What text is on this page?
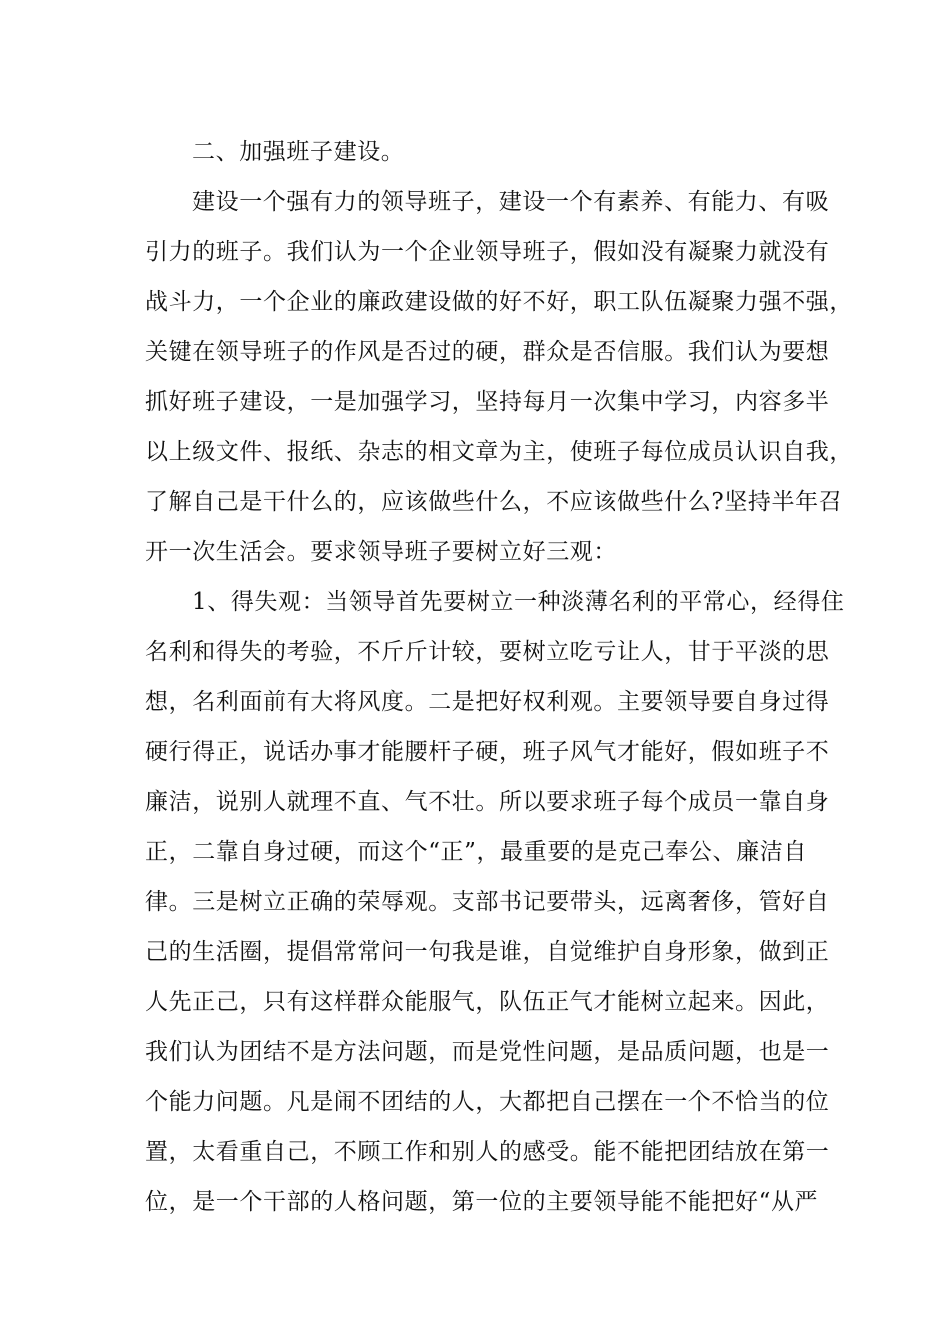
二、加强班子建设。
建设一个强有力的领导班子，建设一个有素养、有能力、有吸
引力的班子。我们认为一个企业领导班子，假如没有凝聚力就没有
战斗力，一个企业的廉政建设做的好不好，职工队伍凝聚力强不强，
关键在领导班子的作风是否过的硬，群众是否信服。我们认为要想
抓好班子建设，一是加强学习，坚持每月一次集中学习，内容多半
以上级文件、报纸、杂志的相文章为主，使班子每位成员认识自我，
了解自己是干什么的，应该做些什么，不应该做些什么?坚持半年召
开一次生活会。要求领导班子要树立好三观：
1、得失观：当领导首先要树立一种淡薄名利的平常心，经得住
名利和得失的考验，不斤斤计较，要树立吃亏让人，甘于平淡的思
想，名利面前有大将风度。二是把好权利观。主要领导要自身过得
硬行得正，说话办事才能腰杆子硬，班子风气才能好，假如班子不
廉洁，说别人就理不直、气不壮。所以要求班子每个成员一靠自身
正，二靠自身过硬，而这个“正”，最重要的是克己奉公、廉洁自
律。三是树立正确的荣辱观。支部书记要带头，远离奢侈，管好自
己的生活圈，提倡常常问一句我是谁，自觉维护自身形象，做到正
人先正己，只有这样群众能服气，队伍正气才能树立起来。因此，
我们认为团结不是方法问题，而是党性问题，是品质问题，也是一
个能力问题。凡是闹不团结的人，大都把自己摆在一个不恰当的位
置，太看重自己，不顾工作和别人的感受。能不能把团结放在第一
位，是一个干部的人格问题，第一位的主要领导能不能把好“从严
